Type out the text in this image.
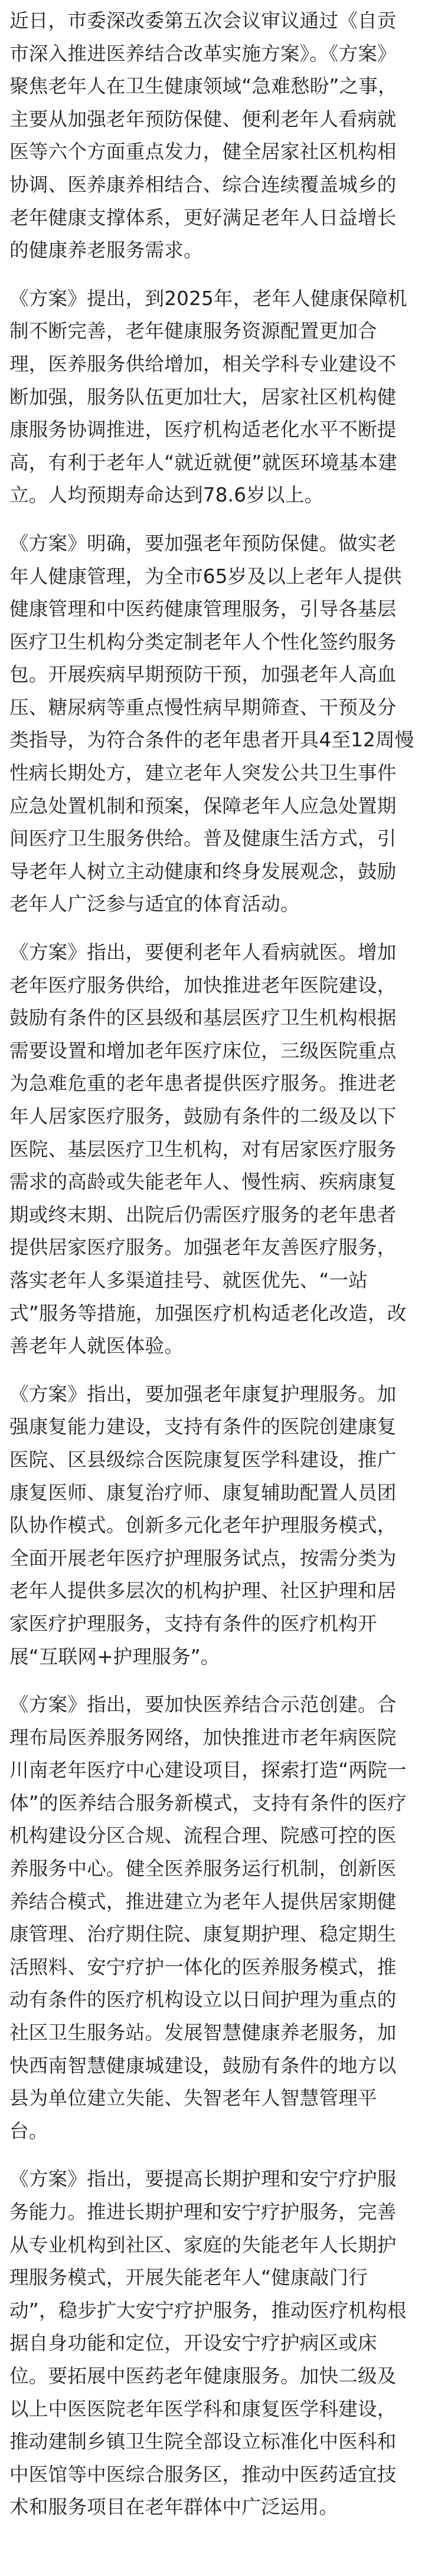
近日，市委深改委第五次会议审议通过《自贡市深入推进医养结合改革实施方案》。《方案》聚焦老年人在卫生健康领域“急难愁盼”之事，主要从加强老年预防保健、便利老年人看病就医等六个方面重点发力，健全居家社区机构相协调、医养康养相结合、综合连续覆盖城乡的老年健康支撑体系，更好满足老年人日益增长的健康养老服务需求。

《方案》提出，到2025年，老年人健康保障机制不断完善，老年健康服务资源配置更加合理，医养服务供给增加，相关学科专业建设不断加强，服务队伍更加壮大，居家社区机构健康服务协调推进，医疗机构适老化水平不断提高，有利于老年人“就近就便”就医环境基本建立。人均预期寿命达到78.6岁以上。

《方案》明确，要加强老年预防保健。做实老年人健康管理，为全市65岁及以上老年人提供健康管理和中医药健康管理服务，引导各基层医疗卫生机构分类定制老年人个性化签约服务包。开展疾病早期预防干预，加强老年人高血压、糖尿病等重点慢性病早期筛查、干预及分类指导，为符合条件的老年患者开具4至12周慢性病长期处方，建立老年人突发公共卫生事件应急处置机制和预案，保障老年人应急处置期间医疗卫生服务供给。普及健康生活方式，引导老年人树立主动健康和终身发展观念，鼓励老年人广泛参与适宜的体育活动。

《方案》指出，要便利老年人看病就医。增加老年医疗服务供给，加快推进老年医院建设，鼓励有条件的区县级和基层医疗卫生机构根据需要设置和增加老年医疗床位，三级医院重点为急难危重的老年患者提供医疗服务。推进老年人居家医疗服务，鼓励有条件的二级及以下医院、基层医疗卫生机构，对有居家医疗服务需求的高龄或失能老年人、慢性病、疾病康复期或终末期、出院后仍需医疗服务的老年患者提供居家医疗服务。加强老年友善医疗服务，落实老年人多渠道挂号、就医优先、“一站式”服务等措施，加强医疗机构适老化改造，改善老年人就医体验。

《方案》指出，要加强老年康复护理服务。加强康复能力建设，支持有条件的医院创建康复医院、区县级综合医院康复医学科建设，推广康复医师、康复治疗师、康复辅助配置人员团队协作模式。创新多元化老年护理服务模式，全面开展老年医疗护理服务试点，按需分类为老年人提供多层次的机构护理、社区护理和居家医疗护理服务，支持有条件的医疗机构开展“互联网+护理服务”。

《方案》指出，要加快医养结合示范创建。合理布局医养服务网络，加快推进市老年病医院川南老年医疗中心建设项目，探索打造“两院一体”的医养结合服务新模式，支持有条件的医疗机构建设分区合规、流程合理、院感可控的医养服务中心。健全医养服务运行机制，创新医养结合模式，推进建立为老年人提供居家期健康管理、治疗期住院、康复期护理、稳定期生活照料、安宁疗护一体化的医养服务模式，推动有条件的医疗机构设立以日间护理为重点的社区卫生服务站。发展智慧健康养老服务，加快西南智慧健康城建设，鼓励有条件的地方以县为单位建立失能、失智老年人智慧管理平台。

《方案》指出，要提高长期护理和安宁疗护服务能力。推进长期护理和安宁疗护服务，完善从专业机构到社区、家庭的失能老年人长期护理服务模式，开展失能老年人“健康敲门行动”，稳步扩大安宁疗护服务，推动医疗机构根据自身功能和定位，开设安宁疗护病区或床位。要拓展中医药老年健康服务。加快二级及以上中医医院老年医学科和康复医学科建设，推动建制乡镇卫生院全部设立标准化中医科和中医馆等中医综合服务区，推动中医药适宜技术和服务项目在老年群体中广泛运用。
